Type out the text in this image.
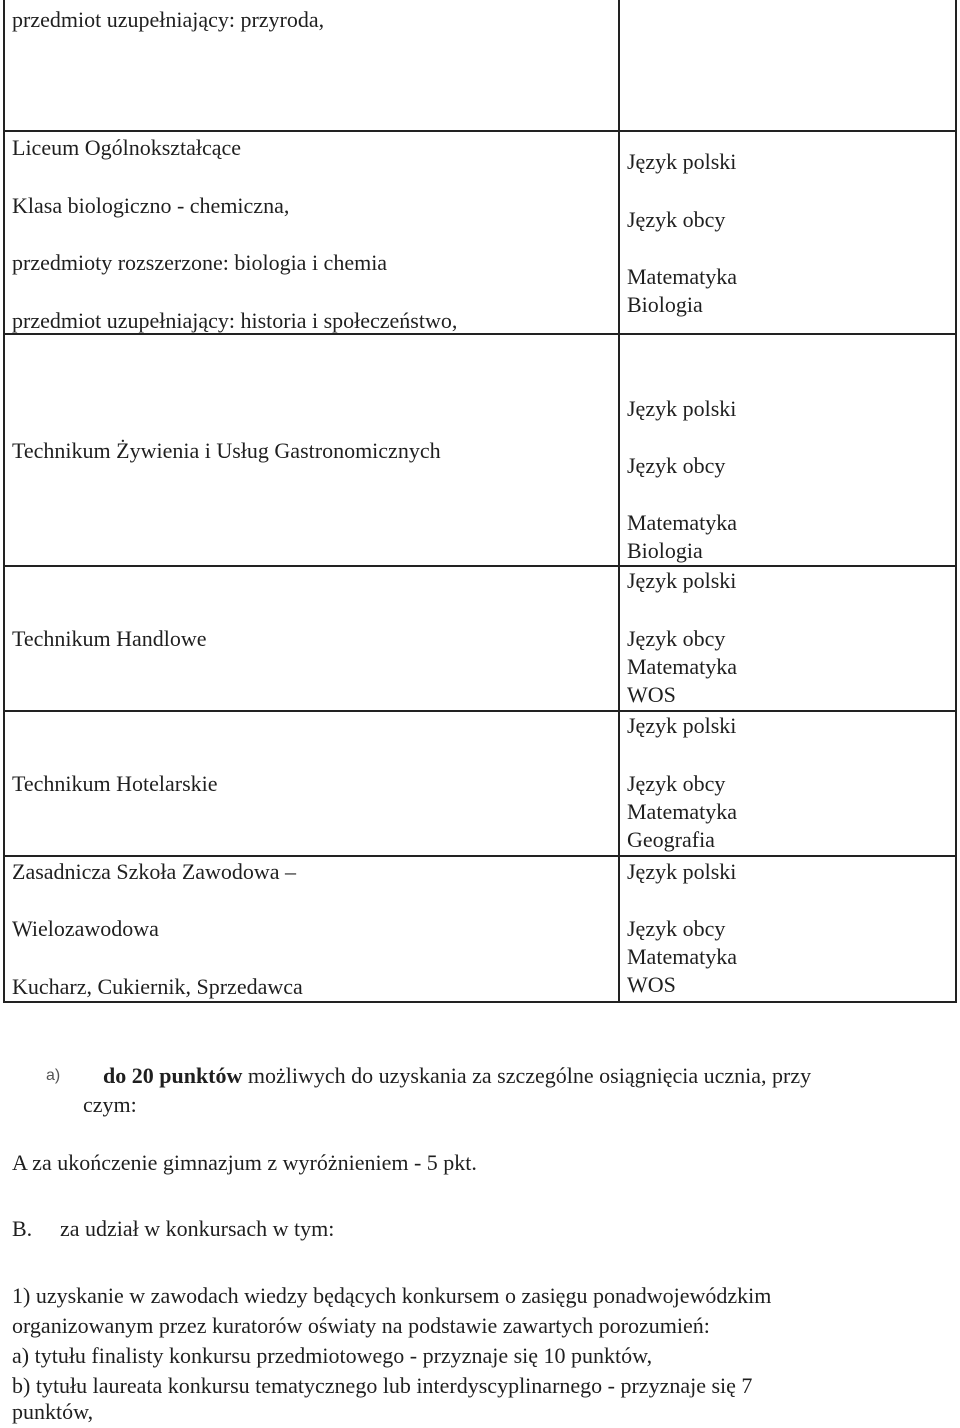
przedmiot uzupełniający: przyroda,
Liceum Ogólnokształcące
Klasa biologiczno - chemiczna,
przedmioty rozszerzone: biologia i chemia
przedmiot uzupełniający: historia i społeczeństwo,
Język polski
Język obcy
Matematyka
Biologia
Technikum Żywienia i Usług Gastronomicznych
Język polski
Język obcy
Matematyka
Biologia
Technikum Handlowe
Język polski
Język obcy
Matematyka
WOS
Technikum Hotelarskie
Język polski
Język obcy
Matematyka
Geografia
Zasadnicza Szkoła Zawodowa –
Wielozawodowa
Kucharz, Cukiernik, Sprzedawca
Język polski
Język obcy
Matematyka
WOS
a) do 20 punktów możliwych do uzyskania za szczególne osiągnięcia ucznia, przy
czym:
A za ukończenie gimnazjum z wyróżnieniem - 5 pkt.
B. za udział w konkursach w tym:
1) uzyskanie w zawodach wiedzy będących konkursem o zasięgu ponadwojewódzkim
organizowanym przez kuratorów oświaty na podstawie zawartych porozumień:
a) tytułu finalisty konkursu przedmiotowego - przyznaje się 10 punktów,
b) tytułu laureata konkursu tematycznego lub interdyscyplinarnego - przyznaje się 7
punktów,
